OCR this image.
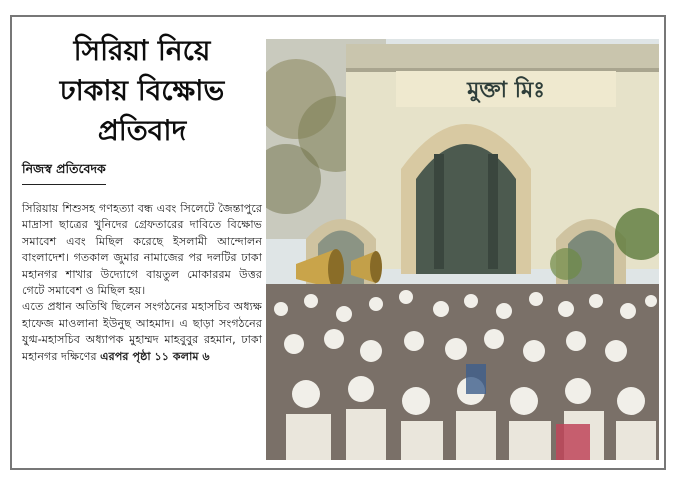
সিরিয়া নিয়ে
ঢাকায় বিক্ষোভ
প্রতিবাদ
নিজস্ব প্রতিবেদক

সিরিয়ায় শিশুসহ গণহত্যা বন্ধ এবং সিলেটে জৈন্তাপুরে মাদ্রাসা ছাত্রের খুনিদের গ্রেফতারের দাবিতে বিক্ষোভ সমাবেশ এবং মিছিল করেছে ইসলামী আন্দোলন বাংলাদেশ। গতকাল জুমার নামাজের পর দলটির ঢাকা মহানগর শাখার উদ্যোগে বায়তুল মোকাররম উত্তর গেটে সমাবেশ ও মিছিল হয়।

এতে প্রধান অতিথি ছিলেন সংগঠনের মহাসচিব অধ্যক্ষ হাফেজ মাওলানা ইউনুছ আহমাদ। এ ছাড়া সংগঠনের যুগ্ম-মহাসচিব অধ্যাপক মুহাম্মদ মাহবুবুর রহমান, ঢাকা মহানগর দক্ষিণের এরপর পৃষ্ঠা ১১ কলাম ৬

মুক্তা মিঃ
